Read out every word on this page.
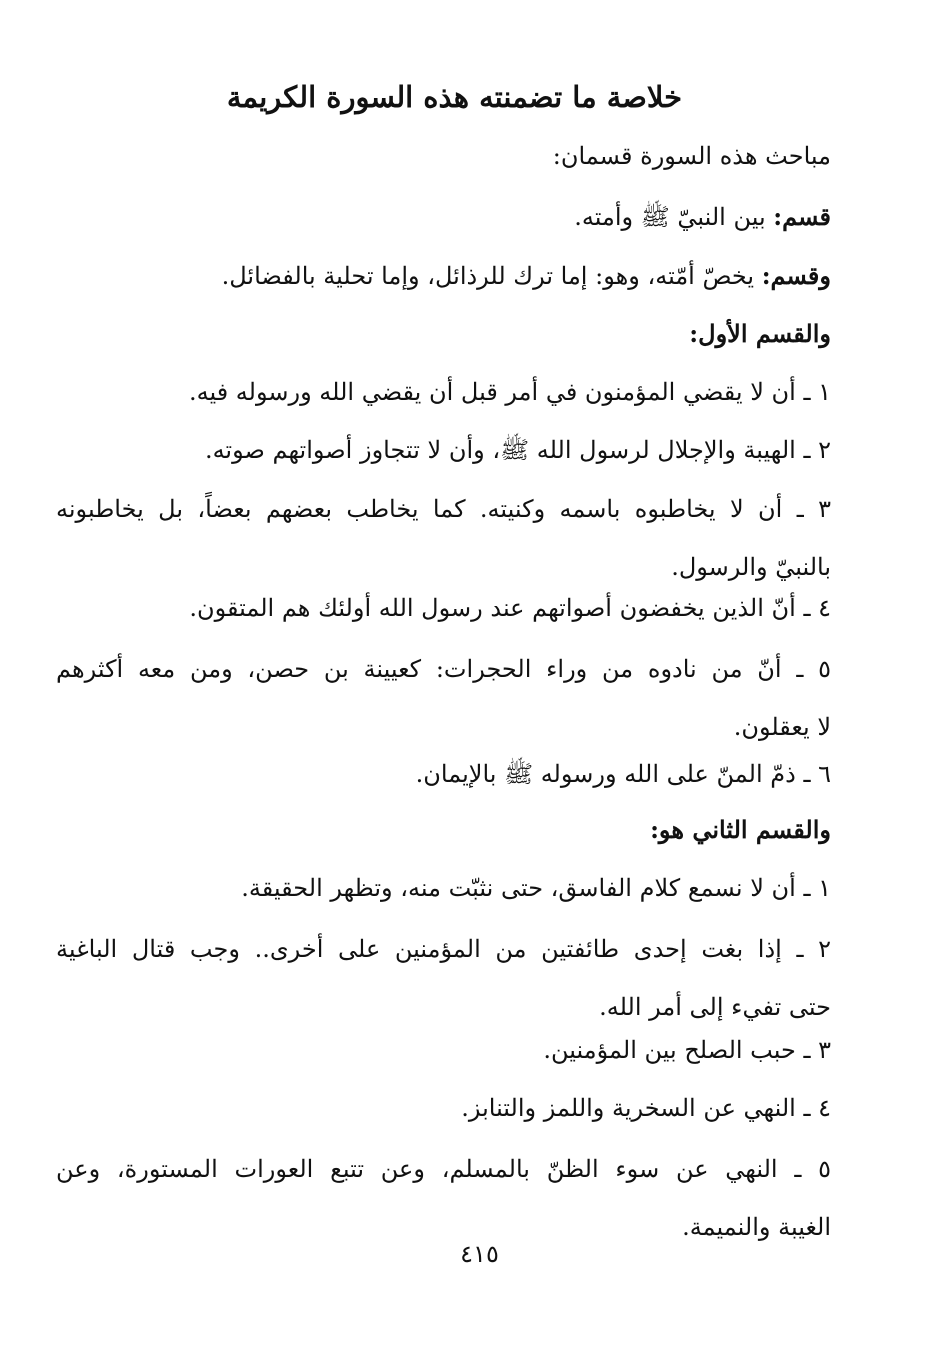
خلاصة ما تضمنته هذه السورة الكريمة
مباحث هذه السورة قسمان:
قسم: بين النبيّ ﷺ وأمته.
وقسم: يخصّ أمّته، وهو: إما ترك للرذائل، وإما تحلية بالفضائل.
والقسم الأول:
١ ـ أن لا يقضي المؤمنون في أمر قبل أن يقضي الله ورسوله فيه.
٢ ـ الهيبة والإجلال لرسول الله ﷺ، وأن لا تتجاوز أصواتهم صوته.
٣ ـ أن لا يخاطبوه باسمه وكنيته. كما يخاطب بعضهم بعضاً، بل يخاطبونه
بالنبيّ والرسول.
٤ ـ أنّ الذين يخفضون أصواتهم عند رسول الله أولئك هم المتقون.
٥ ـ أنّ من نادوه من وراء الحجرات: كعيينة بن حصن، ومن معه أكثرهم
لا يعقلون.
٦ ـ ذمّ المنّ على الله ورسوله ﷺ بالإيمان.
والقسم الثاني هو:
١ ـ أن لا نسمع كلام الفاسق، حتى نثبّت منه، وتظهر الحقيقة.
٢ ـ إذا بغت إحدى طائفتين من المؤمنين على أخرى.. وجب قتال الباغية
حتى تفيء إلى أمر الله.
٣ ـ حبب الصلح بين المؤمنين.
٤ ـ النهي عن السخرية واللمز والتنابز.
٥ ـ النهي عن سوء الظنّ بالمسلم، وعن تتبع العورات المستورة، وعن
الغيبة والنميمة.
٤١٥
